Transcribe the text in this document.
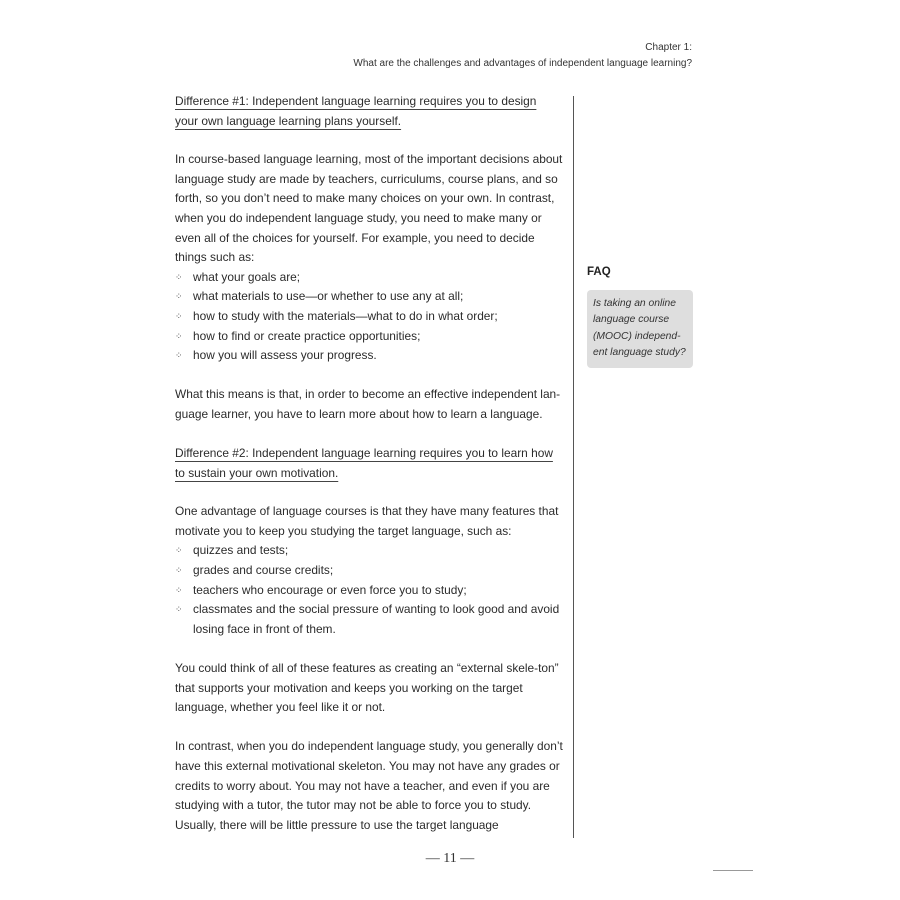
Chapter 1:
What are the challenges and advantages of independent language learning?
Difference #1: Independent language learning requires you to design
your own language learning plans yourself.

In course-based language learning, most of the important decisions about language study are made by teachers, curriculums, course plans, and so forth, so you don’t need to make many choices on your own. In contrast, when you do independent language study, you need to make many or even all of the choices for yourself. For example, you need to decide things such as:

⁘ what your goals are;
⁘ what materials to use—or whether to use any at all;
⁘ how to study with the materials—what to do in what order;
⁘ how to find or create practice opportunities;
⁘ how you will assess your progress.

What this means is that, in order to become an effective independent lan-guage learner, you have to learn more about how to learn a language.

Difference #2: Independent language learning requires you to learn how
to sustain your own motivation.

One advantage of language courses is that they have many features that motivate you to keep you studying the target language, such as:

⁘ quizzes and tests;
⁘ grades and course credits;
⁘ teachers who encourage or even force you to study;
⁘ classmates and the social pressure of wanting to look good and avoid losing face in front of them.

You could think of all of these features as creating an “external skele-ton” that supports your motivation and keeps you working on the target language, whether you feel like it or not.

In contrast, when you do independent language study, you generally don’t have this external motivational skeleton. You may not have any grades or credits to worry about. You may not have a teacher, and even if you are studying with a tutor, the tutor may not be able to force you to study. Usually, there will be little pressure to use the target language

FAQ
Is taking an online language course (MOOC) independ-ent language study?
— 11 —
